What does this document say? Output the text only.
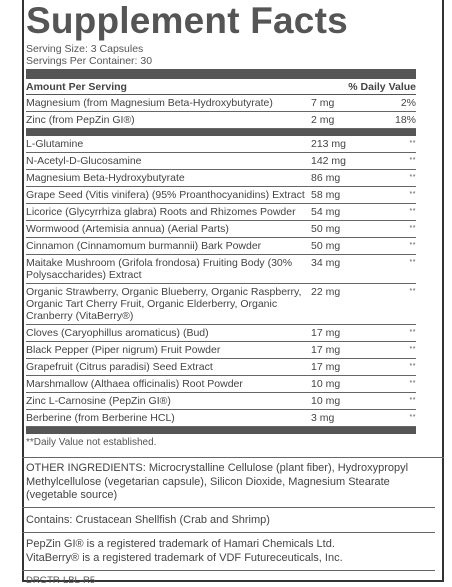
Supplement Facts
Serving Size: 3 Capsules
Servings Per Container: 30
Amount Per Serving	% Daily Value
Magnesium (from Magnesium Beta-Hydroxybutyrate)	7 mg	2%
Zinc (from PepZin GI®)	2 mg	18%
L-Glutamine	213 mg	**
N-Acetyl-D-Glucosamine	142 mg	**
Magnesium Beta-Hydroxybutyrate	86 mg	**
Grape Seed (Vitis vinifera) (95% Proanthocyanidins) Extract 58 mg	**
Licorice (Glycyrrhiza glabra) Roots and Rhizomes Powder	54 mg	**
Wormwood (Artemisia annua) (Aerial Parts)	50 mg	**
Cinnamon (Cinnamomum burmannii) Bark Powder	50 mg	**
Maitake Mushroom (Grifola frondosa) Fruiting Body (30% Polysaccharides) Extract
34 mg	**
Organic Strawberry, Organic Blueberry, Organic Raspberry, Organic Tart Cherry Fruit, Organic Elderberry, Organic Cranberry (VitaBerry®)
22 mg	**
Cloves (Caryophillus aromaticus) (Bud)	17 mg	**
Black Pepper (Piper nigrum) Fruit Powder	17 mg	**
Grapefruit (Citrus paradisi) Seed Extract	17 mg	**
Marshmallow (Althaea officinalis) Root Powder	10 mg	**
Zinc L-Carnosine (PepZin GI®)	10 mg	**
Berberine (from Berberine HCL)	3 mg	**
**Daily Value not established.
OTHER INGREDIENTS: Microcrystalline Cellulose (plant fiber), Hydroxypropyl Methylcellulose (vegetarian capsule), Silicon Dioxide, Magnesium Stearate (vegetable source)
Contains: Crustacean Shellfish (Crab and Shrimp)
PepZin GI® is a registered trademark of Hamari Chemicals Ltd.
VitaBerry® is a registered trademark of VDF Futureceuticals, Inc.
DRGTR-LBL-R5
